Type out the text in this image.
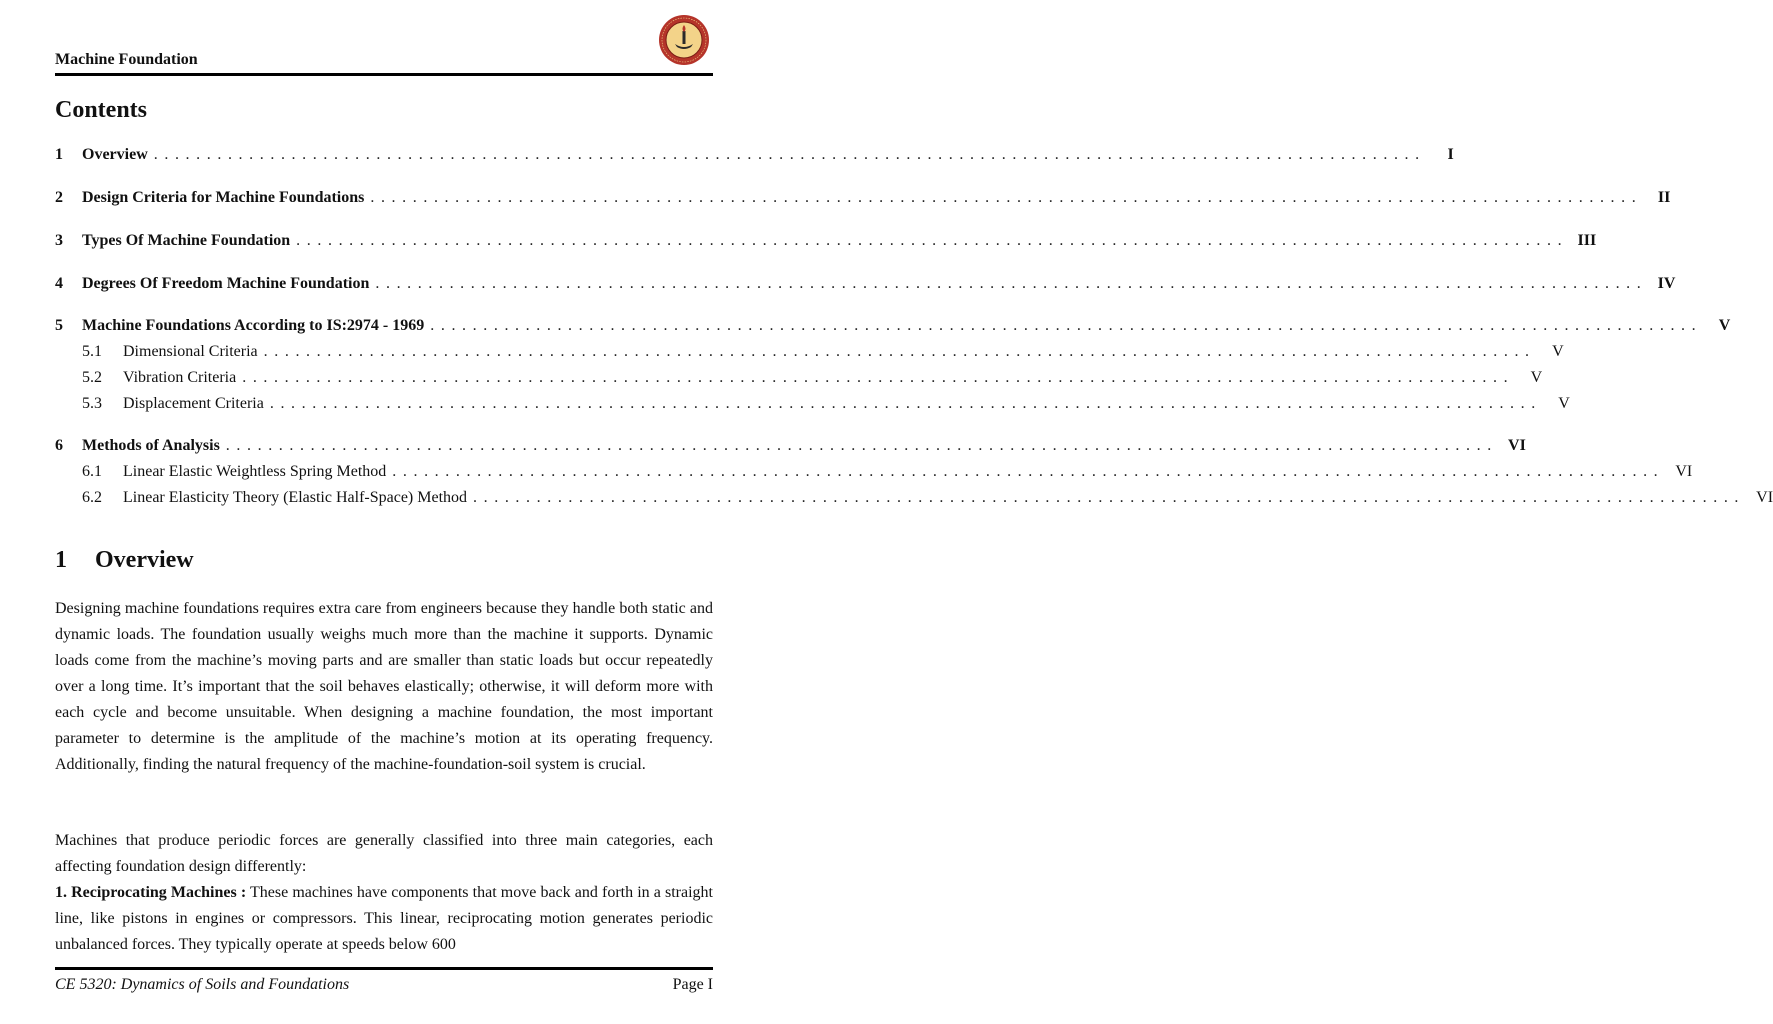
Machine Foundation
Contents
1	Overview ........................................................................................................................	I
2	Design Criteria for Machine Foundations ........................................................................................................................ II
3	Types Of Machine Foundation ........................................................................................................................ III
4	Degrees Of Freedom Machine Foundation ........................................................................................................................ IV
5	Machine Foundations According to IS:2974 - 1969 ........................................................................................................................	V
5.1	Dimensional Criteria ........................................................................................................................	V
5.2	Vibration Criteria ........................................................................................................................	V
5.3	Displacement Criteria ........................................................................................................................	V
6	Methods of Analysis ........................................................................................................................ VI
6.1	Linear Elastic Weightless Spring Method ........................................................................................................................ VI
6.2	Linear Elasticity Theory (Elastic Half-Space) Method ........................................................................................................................ VI
1 Overview

Designing machine foundations requires extra care from engineers because they handle both static and dynamic loads. The foundation usually weighs much more than the machine it supports. Dynamic loads come from the machine’s moving parts and are smaller than static loads but occur repeatedly over a long time. It’s important that the soil behaves elastically; otherwise, it will deform more with each cycle and become unsuitable. When designing a machine foundation, the most important parameter to determine is the amplitude of the machine’s motion at its operating frequency. Additionally, finding the natural frequency of the machine-foundation-soil system is crucial.

Machines that produce periodic forces are generally classified into three main categories, each affecting foundation design differently:

1. Reciprocating Machines : These machines have components that move back and forth in a straight line, like pistons in engines or compressors. This linear, reciprocating motion generates periodic unbalanced forces. They typically operate at speeds below 600

CE 5320: Dynamics of Soils and Foundations	Page I
